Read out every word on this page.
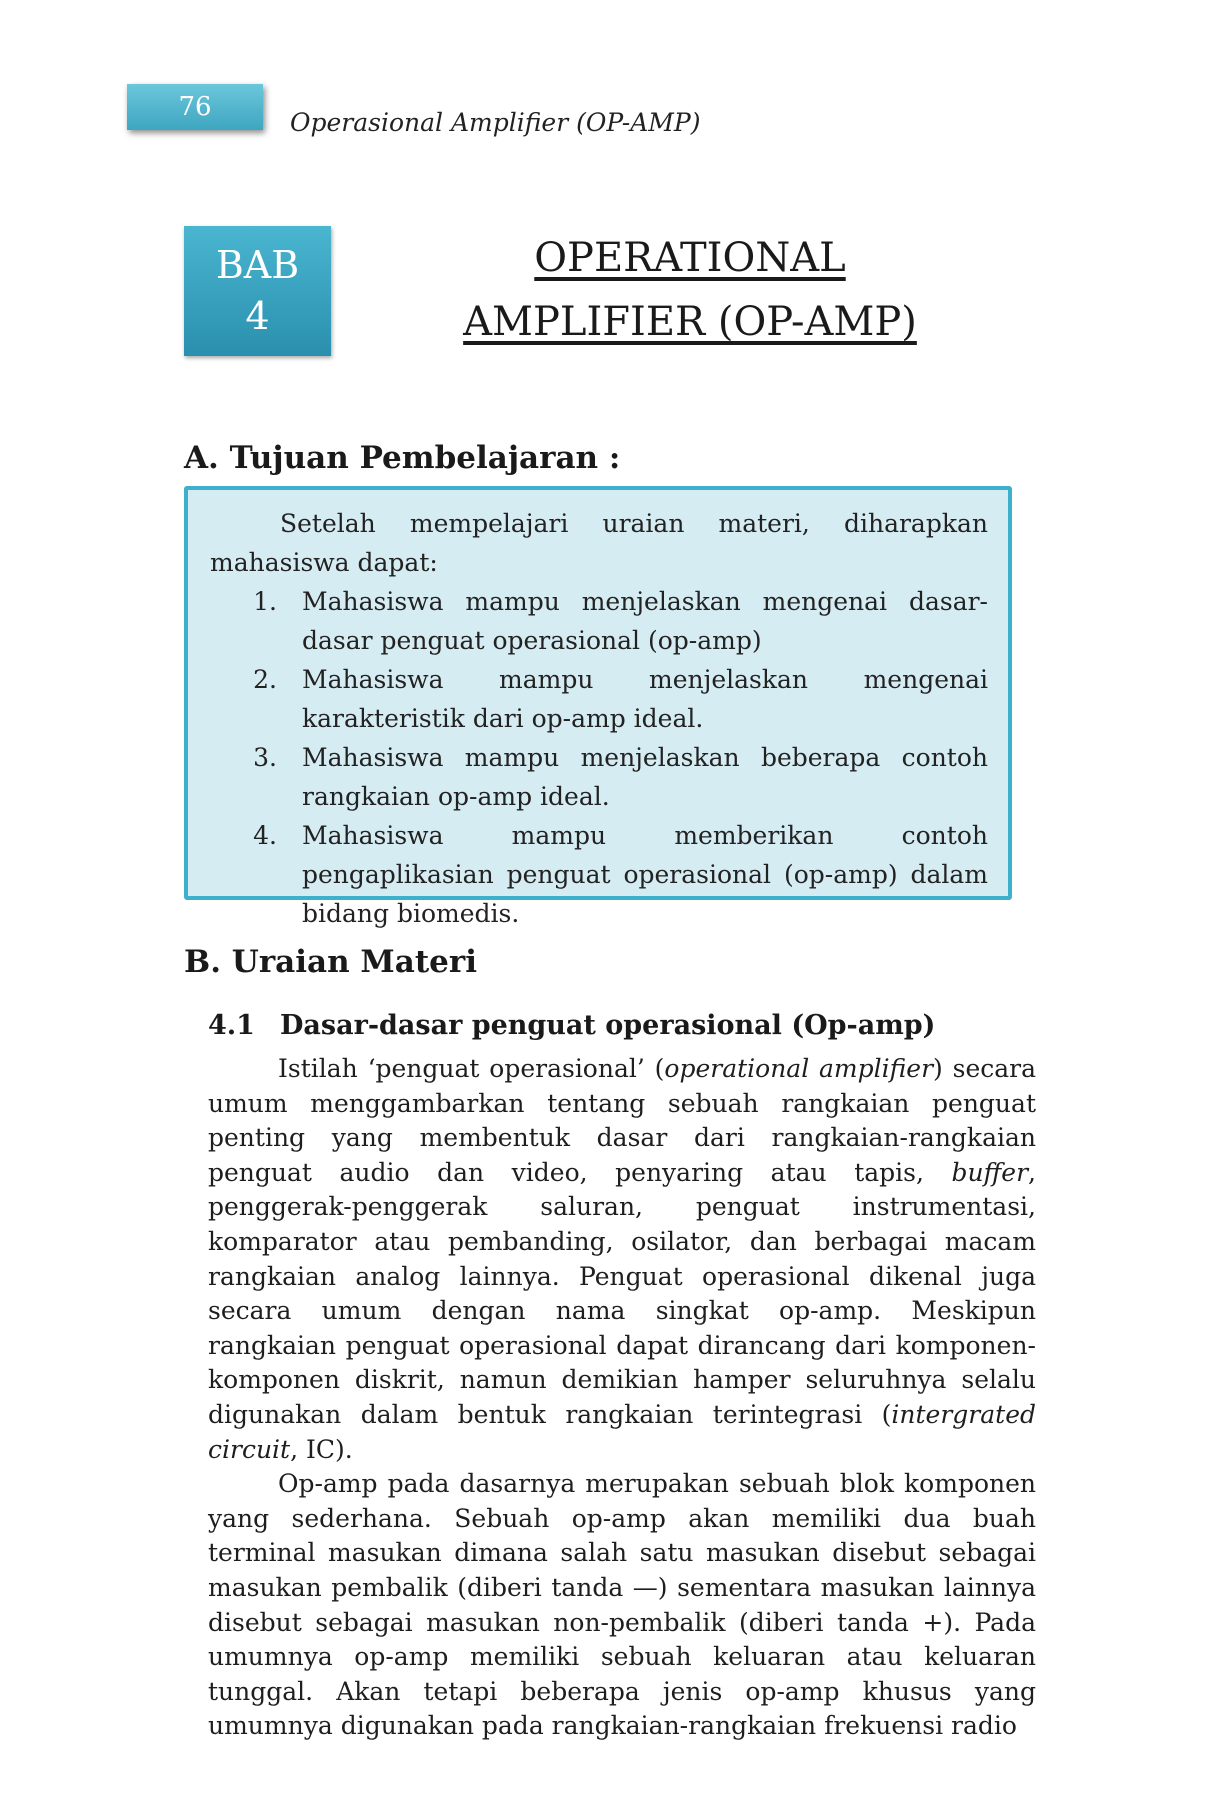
76
Operasional Amplifier (OP-AMP)
BAB
4
OPERATIONAL
AMPLIFIER (OP-AMP)
A. Tujuan Pembelajaran :

Setelah mempelajari uraian materi, diharapkan mahasiswa dapat:

1.	Mahasiswa mampu menjelaskan mengenai dasar-dasar penguat operasional (op-amp)
2.	Mahasiswa mampu menjelaskan mengenai karakteristik dari op-amp ideal.
3.	Mahasiswa mampu menjelaskan beberapa contoh rangkaian op-amp ideal.
4.	Mahasiswa mampu memberikan contoh pengaplikasian penguat operasional (op-amp) dalam bidang biomedis.
B. Uraian Materi
4.1 Dasar-dasar penguat operasional (Op-amp)

Istilah ‘penguat operasional’ (operational amplifier) secara umum menggambarkan tentang sebuah rangkaian penguat penting yang membentuk dasar dari rangkaian-rangkaian penguat audio dan video, penyaring atau tapis, buffer, penggerak-penggerak saluran, penguat instrumentasi, komparator atau pembanding, osilator, dan berbagai macam rangkaian analog lainnya. Penguat operasional dikenal juga secara umum dengan nama singkat op-amp. Meskipun rangkaian penguat operasional dapat dirancang dari komponen-komponen diskrit, namun demikian hamper seluruhnya selalu digunakan dalam bentuk rangkaian terintegrasi (intergrated circuit, IC).

Op-amp pada dasarnya merupakan sebuah blok komponen yang sederhana. Sebuah op-amp akan memiliki dua buah terminal masukan dimana salah satu masukan disebut sebagai masukan pembalik (diberi tanda —) sementara masukan lainnya disebut sebagai masukan non-pembalik (diberi tanda +). Pada umumnya op-amp memiliki sebuah keluaran atau keluaran tunggal. Akan tetapi beberapa jenis op-amp khusus yang umumnya digunakan pada rangkaian-rangkaian frekuensi radio
